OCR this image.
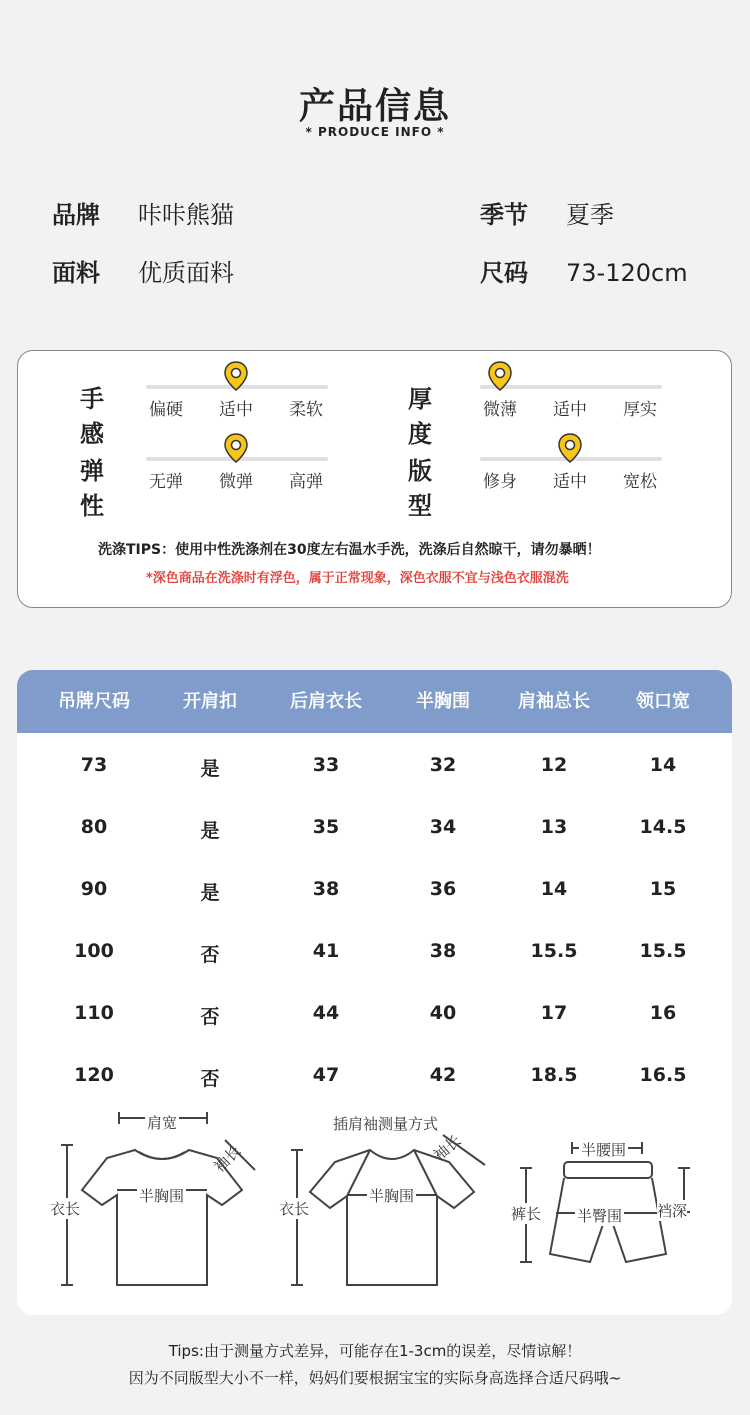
产品信息
* PRODUCE INFO *
品牌 咔咔熊猫	季节 夏季
面料 优质面料	尺码 73-120cm
手感
偏硬	适中	柔软	厚度
微薄	适中	厚实
弹性
无弹	微弹	高弹	版型
修身	适中	宽松
洗涤TIPS：使用中性洗涤剂在30度左右温水手洗，洗涤后自然晾干，请勿暴晒！
*深色商品在洗涤时有浮色，属于正常现象，深色衣服不宜与浅色衣服混洗
吊牌尺码	开肩扣	后肩衣长	半胸围	肩袖总长	领口宽
73	是	33	32	12	14
80	是	35	34	13	14.5
90	是	38	36	14	15
100	否	41	38	15.5	15.5
110	否	44	40	17	16
120	否	47	42	18.5	16.5
肩宽
袖长
衣长
半胸围
插肩袖测量方式
袖长
衣长
半胸围
半腰围
裤长 半臀围 裆深
Tips:由于测量方式差异，可能存在1-3cm的误差，尽情谅解！
因为不同版型大小不一样，妈妈们要根据宝宝的实际身高选择合适尺码哦~
